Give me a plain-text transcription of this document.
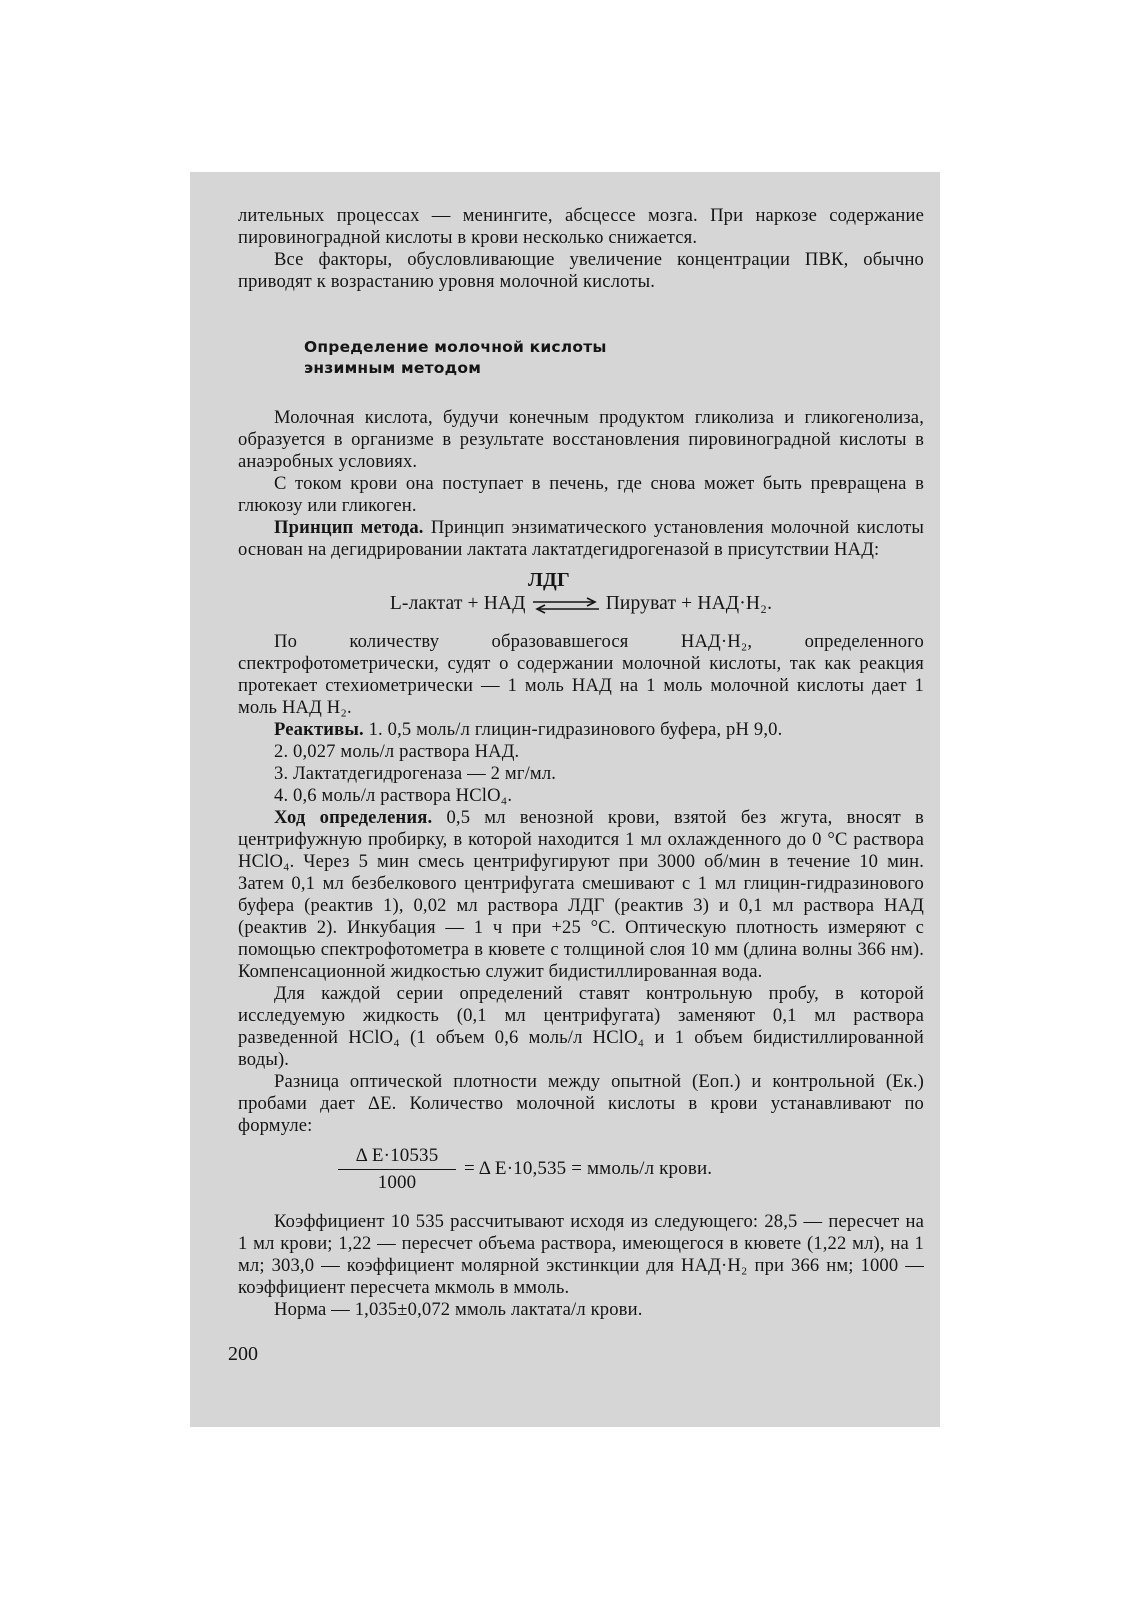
лительных процессах — менингите, абсцессе мозга. При наркозе содержание пировиноградной кислоты в крови несколько снижается.

Все факторы, обусловливающие увеличение концентрации ПВК, обычно приводят к возрастанию уровня молочной кислоты.

Определение молочной кислоты
энзимным методом

Молочная кислота, будучи конечным продуктом гликолиза и гликогенолиза, образуется в организме в результате восстановления пировиноградной кислоты в анаэробных условиях.

С током крови она поступает в печень, где снова может быть превращена в глюкозу или гликоген.

Принцип метода. Принцип энзиматического установления молочной кислоты основан на дегидрировании лактата лактатдегидрогеназой в присутствии НАД:

ЛДГ
L-лактат + НАД ⇌ Пируват + НАД·H₂.

По количеству образовавшегося НАД·H₂, определенного спектрофотометрически, судят о содержании молочной кислоты, так как реакция протекает стехиометрически — 1 моль НАД на 1 моль молочной кислоты дает 1 моль НАД H₂.

Реактивы. 1. 0,5 моль/л глицин-гидразинового буфера, pH 9,0.

2. 0,027 моль/л раствора НАД.

3. Лактатдегидрогеназа — 2 мг/мл.

4. 0,6 моль/л раствора HClO₄.

Ход определения. 0,5 мл венозной крови, взятой без жгута, вносят в центрифужную пробирку, в которой находится 1 мл охлажденного до 0 °С раствора HClO₄. Через 5 мин смесь центрифугируют при 3000 об/мин в течение 10 мин. Затем 0,1 мл безбелкового центрифугата смешивают с 1 мл глицин-гидразинового буфера (реактив 1), 0,02 мл раствора ЛДГ (реактив 3) и 0,1 мл раствора НАД (реактив 2). Инкубация — 1 ч при +25 °С. Оптическую плотность измеряют с помощью спектрофотометра в кювете с толщиной слоя 10 мм (длина волны 366 нм). Компенсационной жидкостью служит бидистиллированная вода.

Для каждой серии определений ставят контрольную пробу, в которой исследуемую жидкость (0,1 мл центрифугата) заменяют 0,1 мл раствора разведенной HClO₄ (1 объем 0,6 моль/л HClO₄ и 1 объем бидистиллированной воды).

Разница оптической плотности между опытной (Eоп.) и контрольной (Eк.) пробами дает ΔE. Количество молочной кислоты в крови устанавливают по формуле:

Δ E·10535
1000
= Δ E·10,535 = ммоль/л крови.

Коэффициент 10 535 рассчитывают исходя из следующего: 28,5 — пересчет на 1 мл крови; 1,22 — пересчет объема раствора, имеющегося в кювете (1,22 мл), на 1 мл; 303,0 — коэффициент молярной экстинкции для НАД·H₂ при 366 нм; 1000 — коэффициент пересчета мкмоль в ммоль.

Норма — 1,035±0,072 ммоль лактата/л крови.

200
